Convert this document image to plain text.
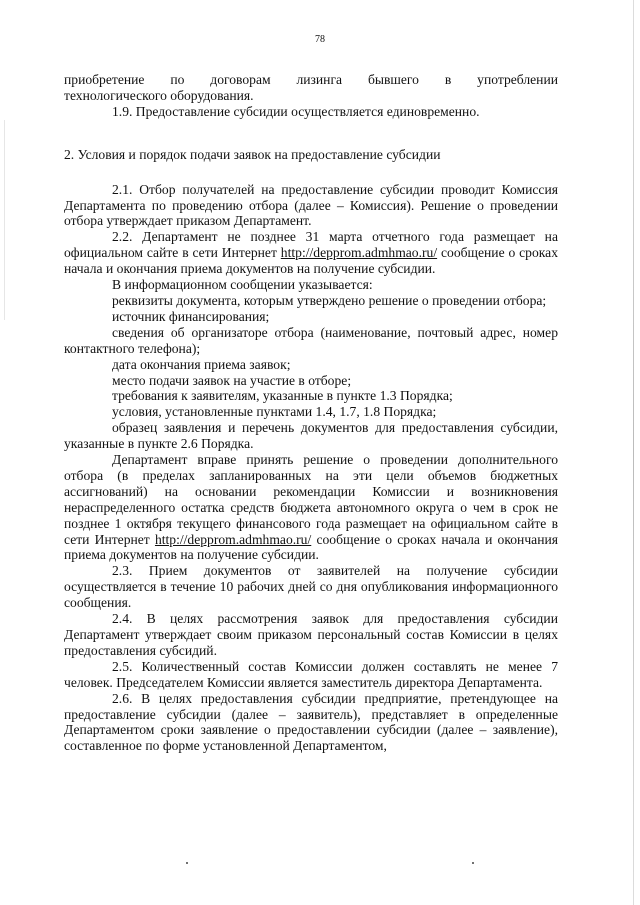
78

приобретение по договорам лизинга бывшего в употреблении

технологического оборудования.

1.9. Предоставление субсидии осуществляется единовременно.

2. Условия и порядок подачи заявок на предоставление субсидии

2.1. Отбор получателей на предоставление субсидии проводит Комиссия Департамента по проведению отбора (далее – Комиссия). Решение о проведении отбора утверждает приказом Департамент.

2.2. Департамент не позднее 31 марта отчетного года размещает на официальном сайте в сети Интернет http://depprom.admhmao.ru/ сообщение о сроках начала и окончания приема документов на получение субсидии.

В информационном сообщении указывается:

реквизиты документа, которым утверждено решение о проведении отбора;

источник финансирования;

сведения об организаторе отбора (наименование, почтовый адрес, номер контактного телефона);

дата окончания приема заявок;

место подачи заявок на участие в отборе;

требования к заявителям, указанные в пункте 1.3 Порядка;

условия, установленные пунктами 1.4, 1.7, 1.8 Порядка;

образец заявления и перечень документов для предоставления субсидии, указанные в пункте 2.6 Порядка.

Департамент вправе принять решение о проведении дополнительного отбора (в пределах запланированных на эти цели объемов бюджетных ассигнований) на основании рекомендации Комиссии и возникновения нераспределенного остатка средств бюджета автономного округа о чем в срок не позднее 1 октября текущего финансового года размещает на официальном сайте в сети Интернет http://depprom.admhmao.ru/ сообщение о сроках начала и окончания приема документов на получение субсидии.

2.3. Прием документов от заявителей на получение субсидии осуществляется в течение 10 рабочих дней со дня опубликования информационного сообщения.

2.4. В целях рассмотрения заявок для предоставления субсидии Департамент утверждает своим приказом персональный состав Комиссии в целях предоставления субсидий.

2.5. Количественный состав Комиссии должен составлять не менее 7 человек. Председателем Комиссии является заместитель директора Департамента.

2.6. В целях предоставления субсидии предприятие, претендующее на предоставление субсидии (далее – заявитель), представляет в определенные Департаментом сроки заявление о предоставлении субсидии (далее – заявление), составленное по форме установленной Департаментом,
